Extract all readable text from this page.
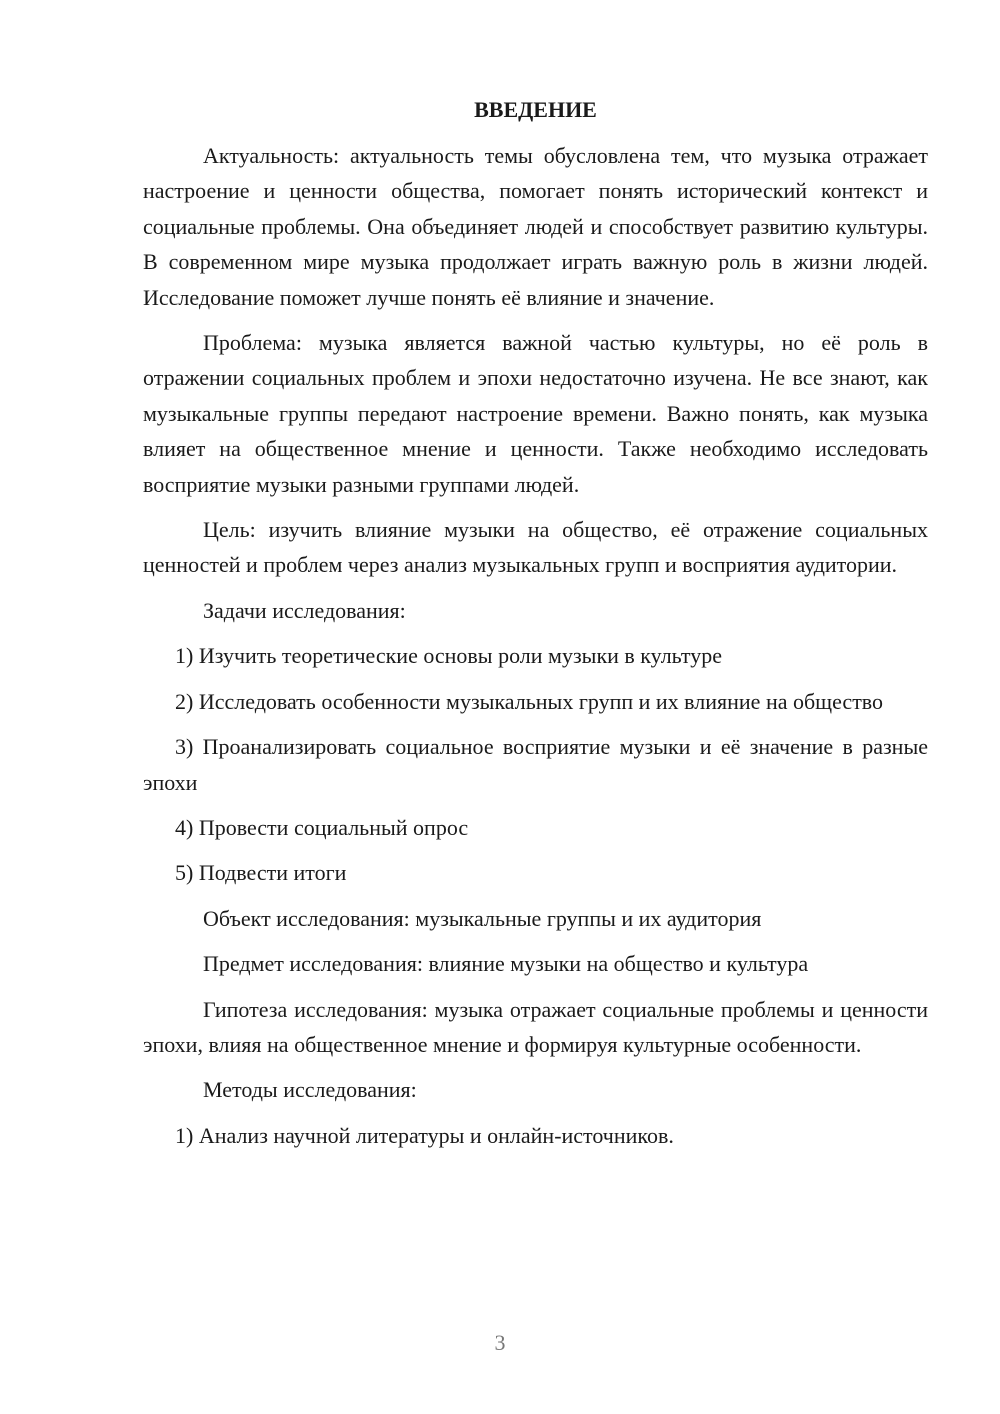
ВВЕДЕНИЕ

Актуальность: актуальность темы обусловлена тем, что музыка отражает настроение и ценности общества, помогает понять исторический контекст и социальные проблемы. Она объединяет людей и способствует развитию культуры. В современном мире музыка продолжает играть важную роль в жизни людей. Исследование поможет лучше понять её влияние и значение.

Проблема: музыка является важной частью культуры, но её роль в отражении социальных проблем и эпохи недостаточно изучена. Не все знают, как музыкальные группы передают настроение времени. Важно понять, как музыка влияет на общественное мнение и ценности. Также необходимо исследовать восприятие музыки разными группами людей.

Цель: изучить влияние музыки на общество, её отражение социальных ценностей и проблем через анализ музыкальных групп и восприятия аудитории.

Задачи исследования:

1) Изучить теоретические основы роли музыки в культуре

2) Исследовать особенности музыкальных групп и их влияние на общество

3) Проанализировать социальное восприятие музыки и её значение в разные эпохи

4) Провести социальный опрос

5) Подвести итоги

Объект исследования: музыкальные группы и их аудитория

Предмет исследования: влияние музыки на общество и культура

Гипотеза исследования: музыка отражает социальные проблемы и ценности эпохи, влияя на общественное мнение и формируя культурные особенности.

Методы исследования:

1) Анализ научной литературы и онлайн-источников.

3
